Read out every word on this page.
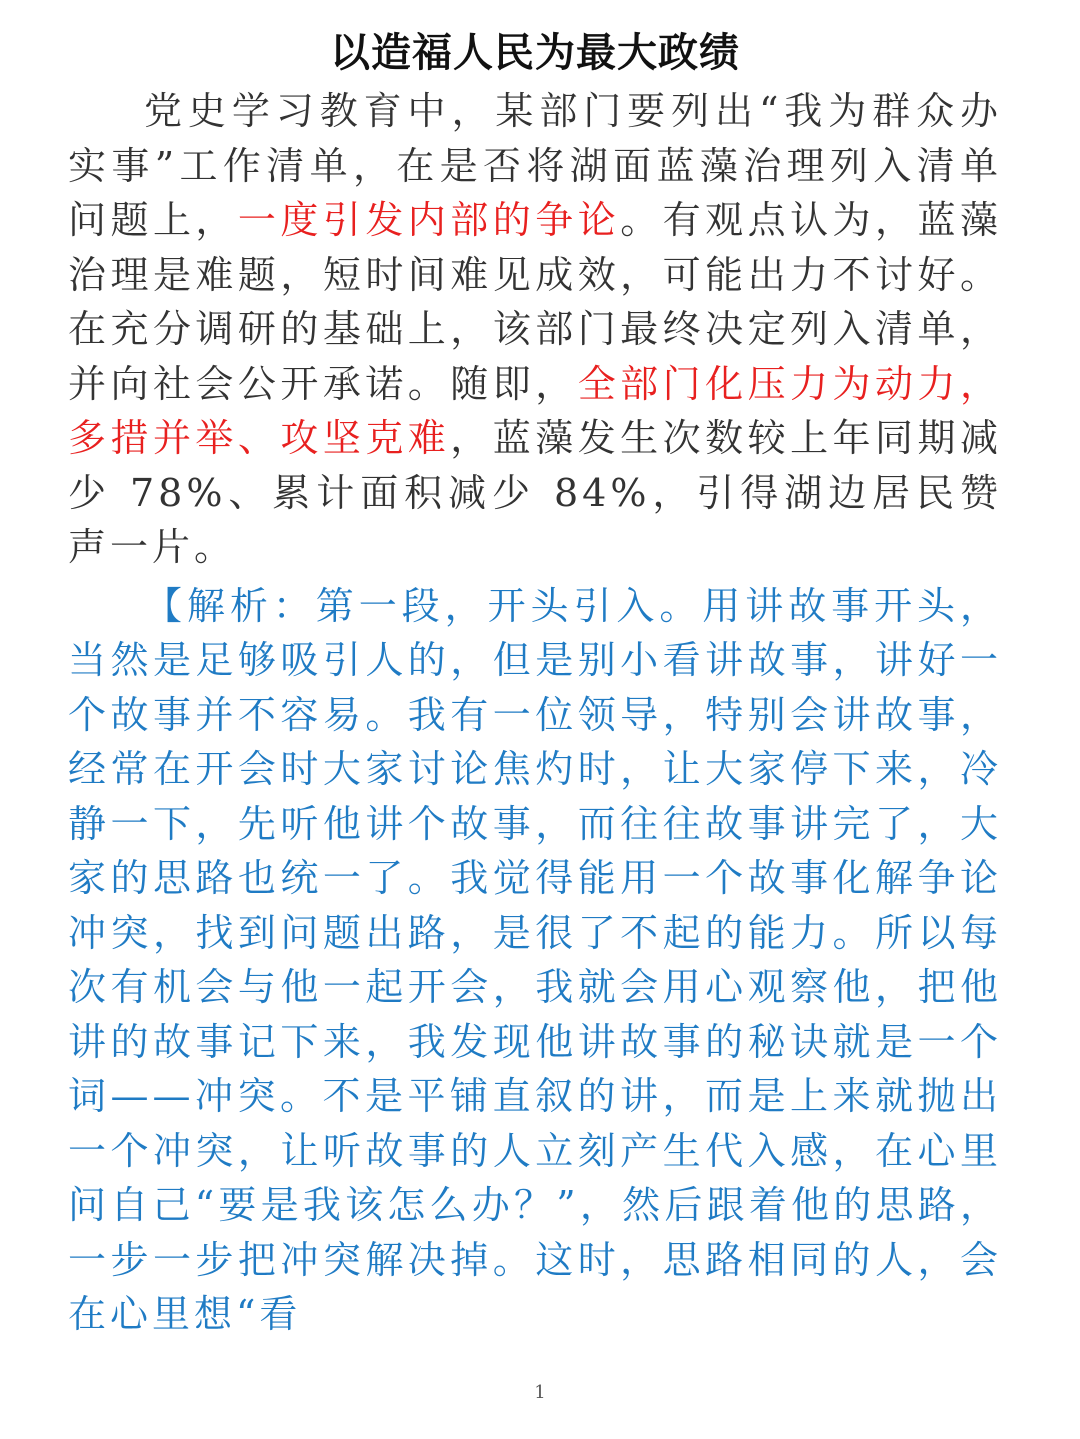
以造福人民为最大政绩

党史学习教育中，某部门要列出“我为群众办实事”工作清单，在是否将湖面蓝藻治理列入清单问题上，一度引发内部的争论。有观点认为，蓝藻治理是难题，短时间难见成效，可能出力不讨好。在充分调研的基础上，该部门最终决定列入清单，并向社会公开承诺。随即，全部门化压力为动力，多措并举、攻坚克难，蓝藻发生次数较上年同期减少 78%、累计面积减少 84%，引得湖边居民赞声一片。

【解析：第一段，开头引入。用讲故事开头，当然是足够吸引人的，但是别小看讲故事，讲好一个故事并不容易。我有一位领导，特别会讲故事，经常在开会时大家讨论焦灼时，让大家停下来，冷静一下，先听他讲个故事，而往往故事讲完了，大家的思路也统一了。我觉得能用一个故事化解争论冲突，找到问题出路，是很了不起的能力。所以每次有机会与他一起开会，我就会用心观察他，把他讲的故事记下来，我发现他讲故事的秘诀就是一个词——冲突。不是平铺直叙的讲，而是上来就抛出一个冲突，让听故事的人立刻产生代入感，在心里问自己“要是我该怎么办？”，然后跟着他的思路，一步一步把冲突解决掉。这时，思路相同的人，会在心里想“看

1
